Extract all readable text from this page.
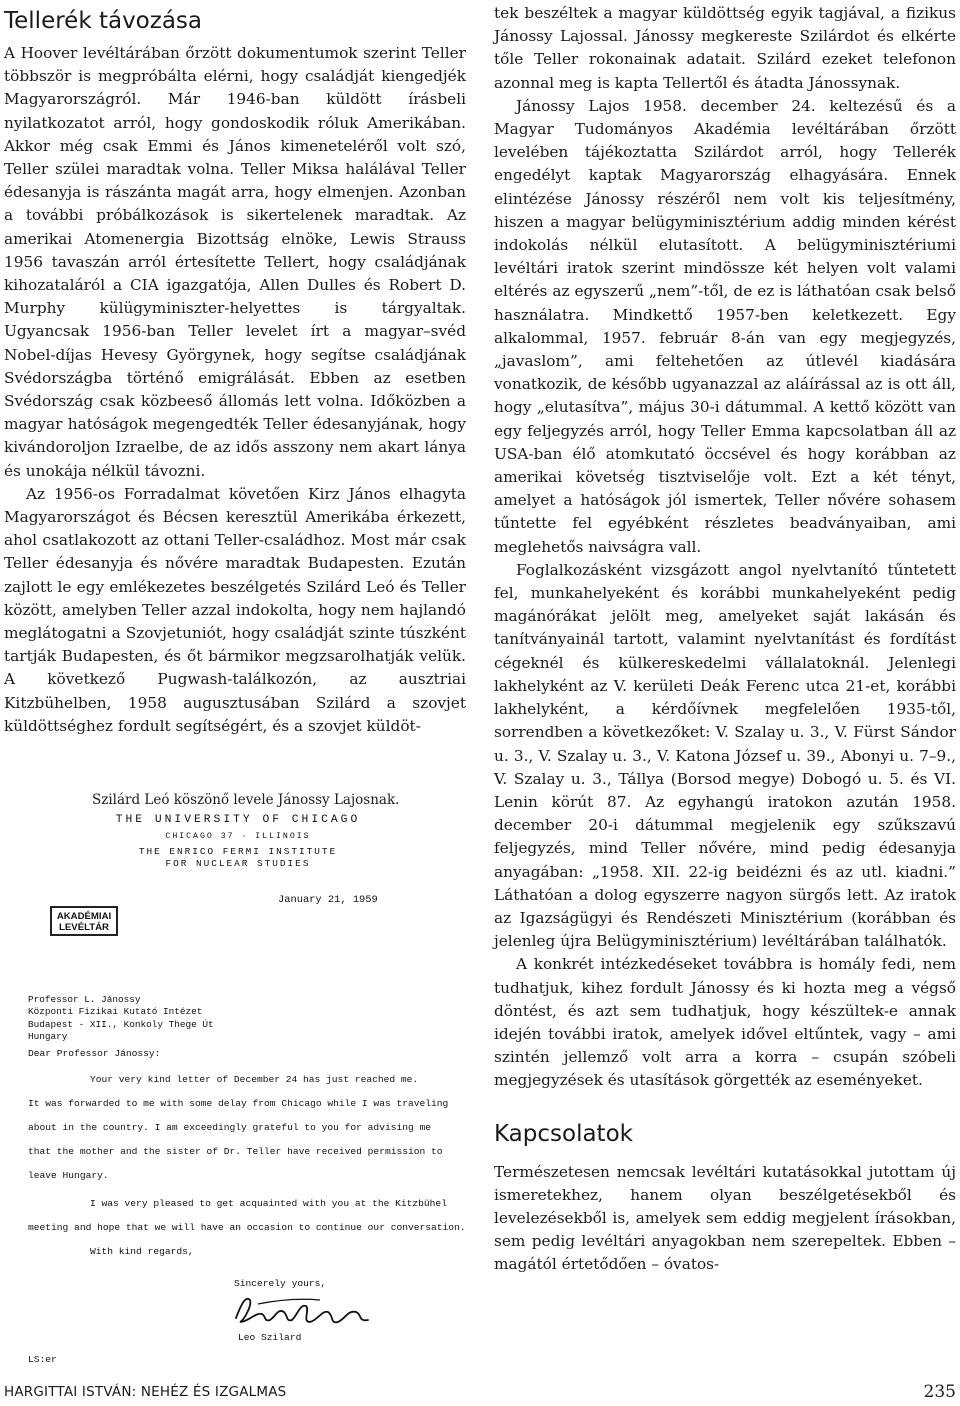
Tellerék távozása

A Hoover levéltárában őrzött dokumentumok szerint Teller többször is megpróbálta elérni, hogy családját kiengedjék Magyarországról. Már 1946-ban küldött írásbeli nyilatkozatot arról, hogy gondoskodik róluk Amerikában. Akkor még csak Emmi és János kimeneteléről volt szó, Teller szülei maradtak volna. Teller Miksa halálával Teller édesanyja is rászánta magát arra, hogy elmenjen. Azonban a további próbálkozások is sikertelenek maradtak. Az amerikai Atomenergia Bizottság elnöke, Lewis Strauss 1956 tavaszán arról értesítette Tellert, hogy családjának kihozataláról a CIA igazgatója, Allen Dulles és Robert D. Murphy külügyminiszter-helyettes is tárgyaltak. Ugyancsak 1956-ban Teller levelet írt a magyar–svéd Nobel-díjas Hevesy Györgynek, hogy segítse családjának Svédországba történő emigrálását. Ebben az esetben Svédország csak közbeeső állomás lett volna. Időközben a magyar hatóságok megengedték Teller édesanyjának, hogy kivándoroljon Izraelbe, de az idős asszony nem akart lánya és unokája nélkül távozni.

Az 1956-os Forradalmat követően Kirz János elhagyta Magyarországot és Bécsen keresztül Amerikába érkezett, ahol csatlakozott az ottani Teller-családhoz. Most már csak Teller édesanyja és nővére maradtak Budapesten. Ezután zajlott le egy emlékezetes beszélgetés Szilárd Leó és Teller között, amelyben Teller azzal indokolta, hogy nem hajlandó meglátogatni a Szovjetuniót, hogy családját szinte túszként tartják Budapesten, és őt bármikor megzsarolhatják velük. A következő Pugwash-találkozón, az ausztriai Kitzbühelben, 1958 augusztusában Szilárd a szovjet küldöttséghez fordult segítségért, és a szovjet küldöt-

Szilárd Leó köszönő levele Jánossy Lajosnak.
THE UNIVERSITY OF CHICAGO
CHICAGO 37 · ILLINOIS
THE ENRICO FERMI INSTITUTE
FOR NUCLEAR STUDIES
January 21, 1959
AKADÉMIAI
LEVÉLTÁR
Professor L. Jánossy
Központi Fizikai Kutató Intézet
Budapest - XII., Konkoly Thege Út
Hungary
Dear Professor Jánossy:
Your very kind letter of December 24 has just reached me.
It was forwarded to me with some delay from Chicago while I was traveling
about in the country. I am exceedingly grateful to you for advising me
that the mother and the sister of Dr. Teller have received permission to
leave Hungary.
I was very pleased to get acquainted with you at the Kitzbühel
meeting and hope that we will have an occasion to continue our conversation.
With kind regards,
Sincerely yours,
Leo Szilard
LS:er

tek beszéltek a magyar küldöttség egyik tagjával, a fizikus Jánossy Lajossal. Jánossy megkereste Szilárdot és elkérte tőle Teller rokonainak adatait. Szilárd ezeket telefonon azonnal meg is kapta Tellertől és átadta Jánossynak.

Jánossy Lajos 1958. december 24. keltezésű és a Magyar Tudományos Akadémia levéltárában őrzött levelében tájékoztatta Szilárdot arról, hogy Tellerék engedélyt kaptak Magyarország elhagyására. Ennek elintézése Jánossy részéről nem volt kis teljesítmény, hiszen a magyar belügyminisztérium addig minden kérést indokolás nélkül elutasított. A belügyminisztériumi levéltári iratok szerint mindössze két helyen volt valami eltérés az egyszerű „nem”-től, de ez is láthatóan csak belső használatra. Mindkettő 1957-ben keletkezett. Egy alkalommal, 1957. február 8-án van egy megjegyzés, „javaslom”, ami feltehetően az útlevél kiadására vonatkozik, de később ugyanazzal az aláírással az is ott áll, hogy „elutasítva”, május 30-i dátummal. A kettő között van egy feljegyzés arról, hogy Teller Emma kapcsolatban áll az USA-ban élő atomkutató öccsével és hogy korábban az amerikai követség tisztviselője volt. Ezt a két tényt, amelyet a hatóságok jól ismertek, Teller nővére sohasem tűntette fel egyébként részletes beadványaiban, ami meglehetős naivságra vall.

Foglalkozásként vizsgázott angol nyelvtanító tűntetett fel, munkahelyeként és korábbi munkahelyeként pedig magánórákat jelölt meg, amelyeket saját lakásán és tanítványainál tartott, valamint nyelvtanítást és fordítást cégeknél és külkereskedelmi vállalatoknál. Jelenlegi lakhelyként az V. kerületi Deák Ferenc utca 21-et, korábbi lakhelyként, a kérdőívnek megfelelően 1935-től, sorrendben a következőket: V. Szalay u. 3., V. Fürst Sándor u. 3., V. Szalay u. 3., V. Katona József u. 39., Abonyi u. 7–9., V. Szalay u. 3., Tállya (Borsod megye) Dobogó u. 5. és VI. Lenin körút 87. Az egyhangú iratokon azután 1958. december 20-i dátummal megjelenik egy szűkszavú feljegyzés, mind Teller nővére, mind pedig édesanyja anyagában: „1958. XII. 22-ig beidézni és az utl. kiadni.” Láthatóan a dolog egyszerre nagyon sürgős lett. Az iratok az Igazságügyi és Rendészeti Minisztérium (korábban és jelenleg újra Belügyminisztérium) levéltárában találhatók.

A konkrét intézkedéseket továbbra is homály fedi, nem tudhatjuk, kihez fordult Jánossy és ki hozta meg a végső döntést, és azt sem tudhatjuk, hogy készültek-e annak idején további iratok, amelyek idővel eltűntek, vagy – ami szintén jellemző volt arra a korra – csupán szóbeli megjegyzések és utasítások görgették az eseményeket.

Kapcsolatok

Természetesen nemcsak levéltári kutatásokkal jutottam új ismeretekhez, hanem olyan beszélgetésekből és levelezésekből is, amelyek sem eddig megjelent írásokban, sem pedig levéltári anyagokban nem szerepeltek. Ebben – magától értetődően – óvatos-

HARGITTAI ISTVÁN: NEHÉZ ÉS IZGALMAS	235
